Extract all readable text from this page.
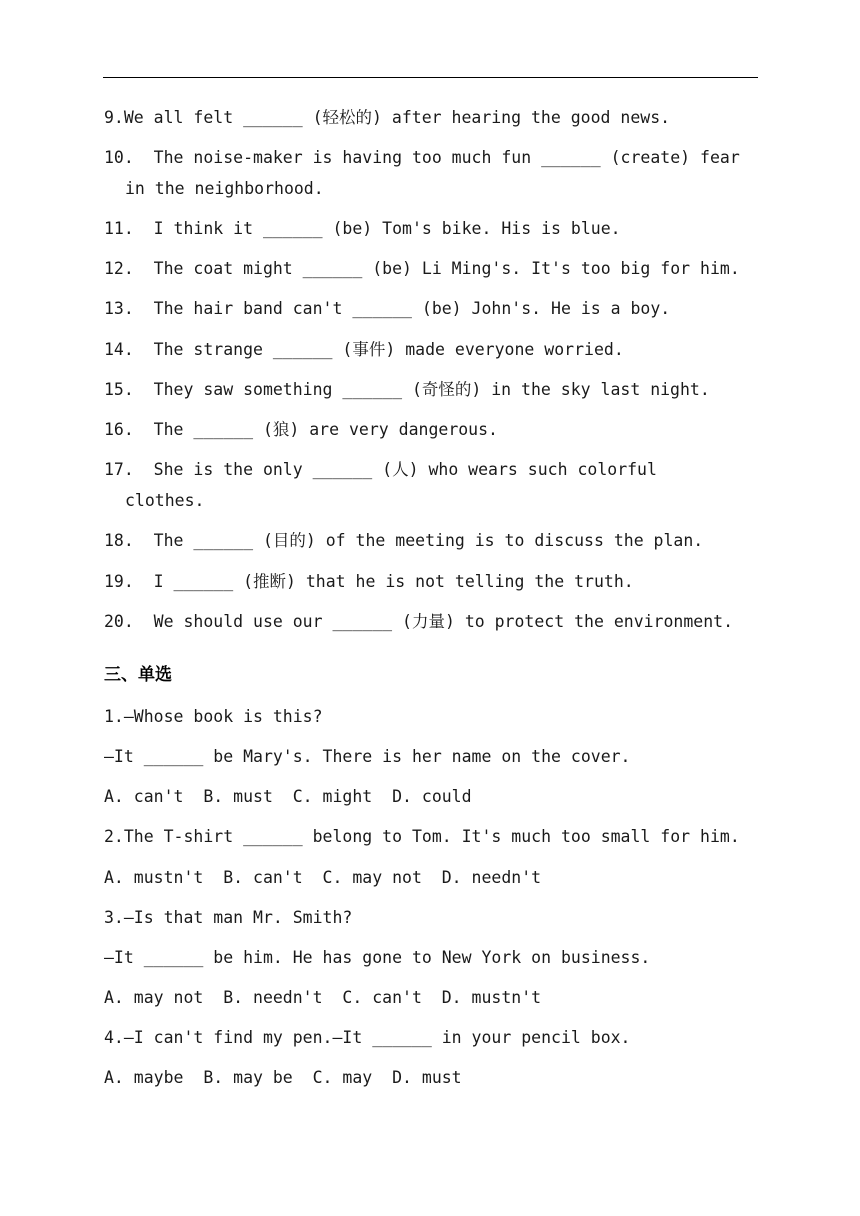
9.We all felt ______ (轻松的) after hearing the good news.
10.  The noise-maker is having too much fun ______ (create) fear
in the neighborhood.
11.  I think it ______ (be) Tom's bike. His is blue.
12.  The coat might ______ (be) Li Ming's. It's too big for him.
13.  The hair band can't ______ (be) John's. He is a boy.
14.  The strange ______ (事件) made everyone worried.
15.  They saw something ______ (奇怪的) in the sky last night.
16.  The ______ (狼) are very dangerous.
17.  She is the only ______ (人) who wears such colorful
clothes.
18.  The ______ (目的) of the meeting is to discuss the plan.
19.  I ______ (推断) that he is not telling the truth.
20.  We should use our ______ (力量) to protect the environment.
三、单选
1.—Whose book is this?
—It ______ be Mary's. There is her name on the cover.
A. can't  B. must  C. might  D. could
2.The T-shirt ______ belong to Tom. It's much too small for him.
A. mustn't  B. can't  C. may not  D. needn't
3.—Is that man Mr. Smith?
—It ______ be him. He has gone to New York on business.
A. may not  B. needn't  C. can't  D. mustn't
4.—I can't find my pen.—It ______ in your pencil box.
A. maybe  B. may be  C. may  D. must
